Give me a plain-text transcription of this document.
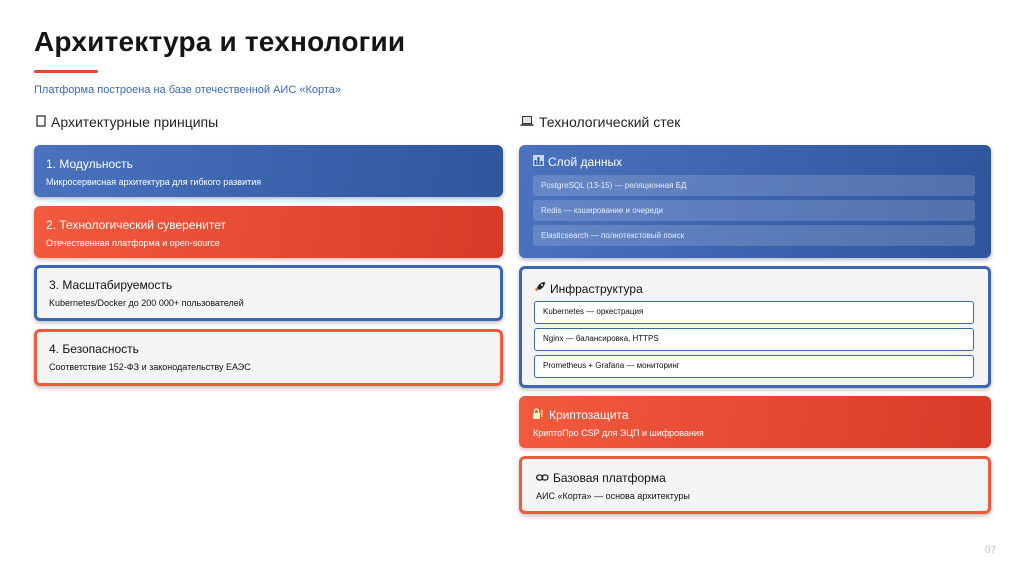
Архитектура и технологии
Платформа построена на базе отечественной АИС «Корта»
Архитектурные принципы
1. Модульность
Микросервисная архитектура для гибкого развития
2. Технологический суверенитет
Отечественная платформа и open-source
3. Масштабируемость
Kubernetes/Docker до 200 000+ пользователей
4. Безопасность
Соответствие 152-ФЗ и законодательству ЕАЭС
Технологический стек
Слой данных
PostgreSQL (13-15) — реляционная БД
Redis — кэширование и очереди
Elasticsearch — полнотекстовый поиск
Инфраструктура
Kubernetes — оркестрация
Nginx — балансировка, HTTPS
Prometheus + Grafana — мониторинг
Криптозащита
КриптоПро CSP для ЭЦП и шифрования
Базовая платформа
АИС «Корта» — основа архитектуры
07
